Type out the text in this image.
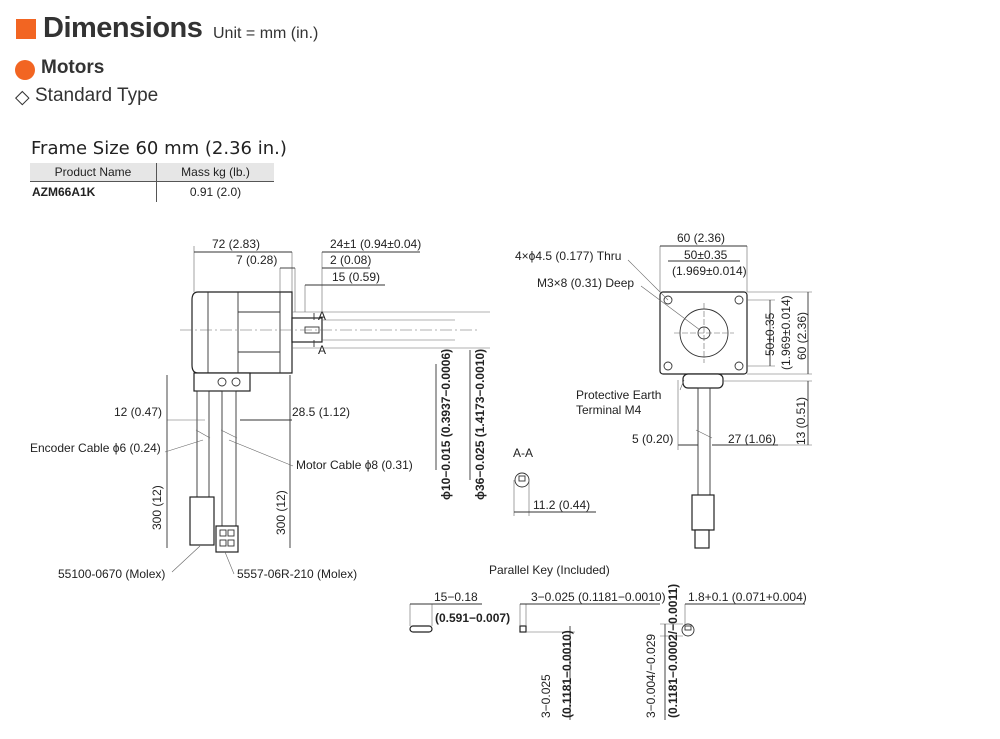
Dimensions Unit = mm (in.)
Motors
◇ Standard Type
Frame Size 60 mm (2.36 in.)
Product Name	Mass kg (lb.)
AZM66A1K	0.91 (2.0)
72 (2.83)
7 (0.28)
24±1 (0.94±0.04)
2 (0.08)
15 (0.59)
A
A	ϕ10−0.015 (0.3937−0.0006) ϕ36−0.025 (1.4173−0.0010)
12 (0.47)	28.5 (1.12)
300 (12)	300 (12)
Encoder Cable ϕ6 (0.24)
Motor Cable ϕ8 (0.31)
55100-0670 (Molex)	5557-06R-210 (Molex)
60 (2.36)
50±0.35
(1.969±0.014)
4×ϕ4.5 (0.177) Thru
M3×8 (0.31) Deep
50±0.35 (1.969±0.014) 60 (2.36)
Protective Earth
Terminal M4	13 (0.51)
5 (0.20)	27 (1.06)
A-A
11.2 (0.44)
Parallel Key (Included)
15−0.18
(0.591−0.007)
3−0.025 (0.1181−0.0010)
3−0.025 (0.1181−0.0010)
1.8+0.1 (0.071+0.004)
3−0.004/−0.029 (0.1181−0.0002/−0.0011)
